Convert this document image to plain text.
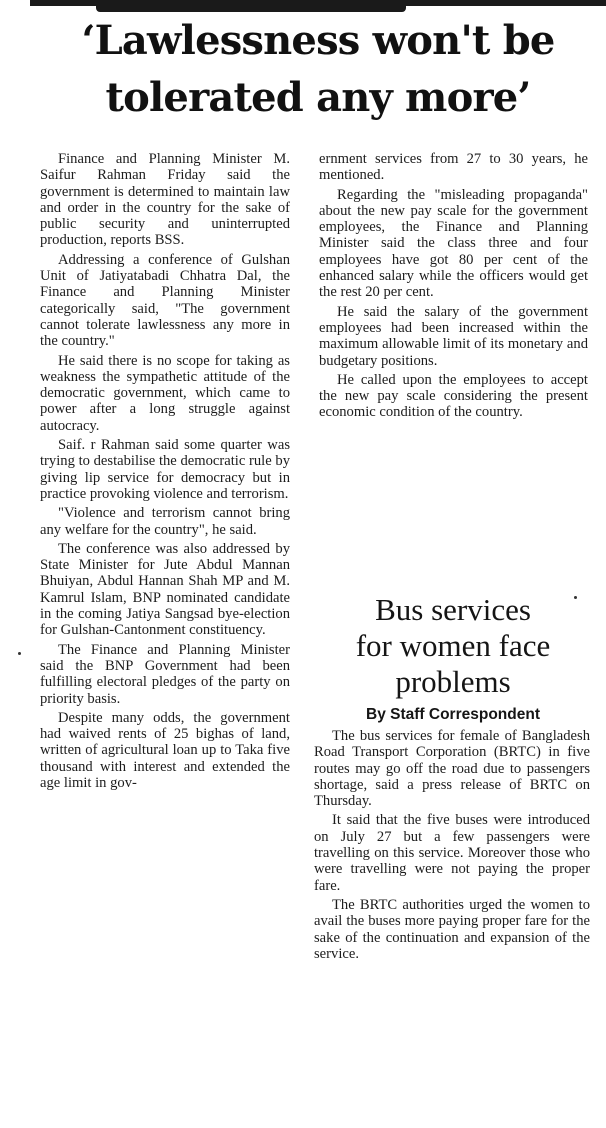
‘Lawlessness won't be
tolerated any more’

Finance and Planning Minister M. Saifur Rahman Friday said the government is determined to maintain law and order in the country for the sake of public security and uninterrupted production, reports BSS.

Addressing a conference of Gulshan Unit of Jatiyatabadi Chhatra Dal, the Finance and Planning Minister categorically said, "The government cannot tolerate lawlessness any more in the country."

He said there is no scope for taking as weakness the sympathetic attitude of the democratic government, which came to power after a long struggle against autocracy.

Saif. r Rahman said some quarter was trying to destabilise the democratic rule by giving lip service for democracy but in practice provoking violence and terrorism.

"Violence and terrorism cannot bring any welfare for the country", he said.

The conference was also addressed by State Minister for Jute Abdul Mannan Bhuiyan, Abdul Hannan Shah MP and M. Kamrul Islam, BNP nominated candidate in the coming Jatiya Sangsad bye-election for Gulshan-Cantonment constituency.

The Finance and Planning Minister said the BNP Government had been fulfilling electoral pledges of the party on priority basis.

Despite many odds, the government had waived rents of 25 bighas of land, written of agricultural loan up to Taka five thousand with interest and extended the age limit in gov-

ernment services from 27 to 30 years, he mentioned.

Regarding the "misleading propaganda" about the new pay scale for the government employees, the Finance and Planning Minister said the class three and four employees have got 80 per cent of the enhanced salary while the officers would get the rest 20 per cent.

He said the salary of the government employees had been increased within the maximum allowable limit of its monetary and budgetary positions.

He called upon the employees to accept the new pay scale considering the present economic condition of the country.

Bus services
for women face
problems
By Staff Correspondent

The bus services for female of Bangladesh Road Transport Corporation (BRTC) in five routes may go off the road due to passengers shortage, said a press release of BRTC on Thursday.

It said that the five buses were introduced on July 27 but a few passengers were travelling on this service. Moreover those who were travelling were not paying the proper fare.

The BRTC authorities urged the women to avail the buses more paying proper fare for the sake of the continuation and expansion of the service.
